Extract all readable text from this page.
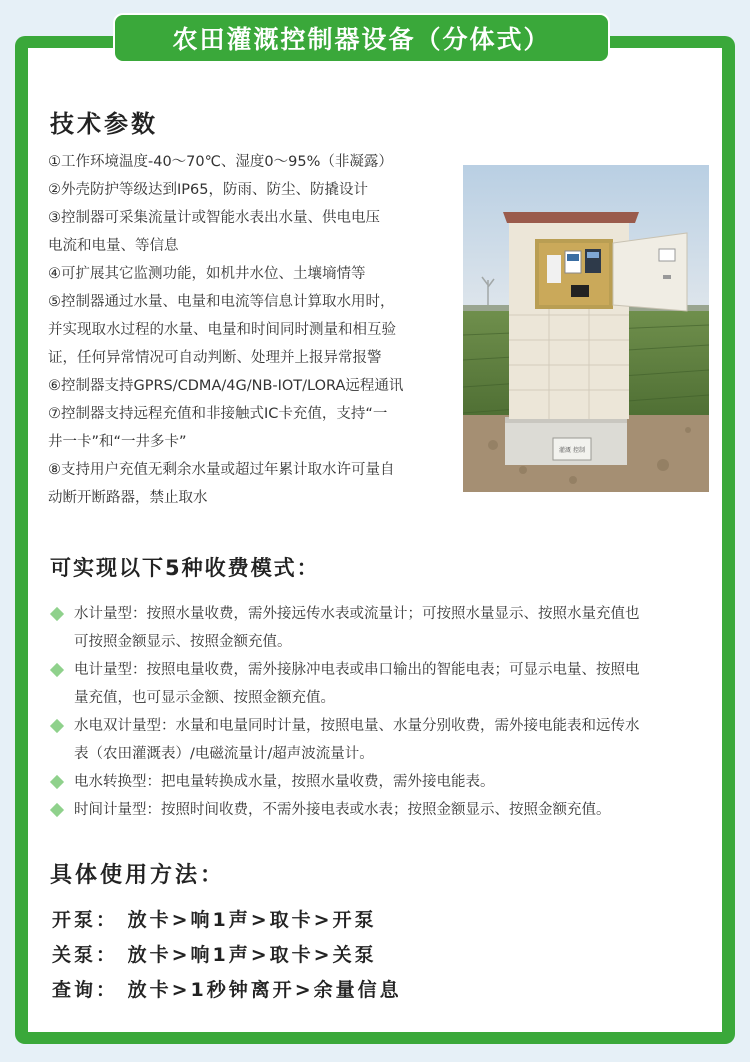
农田灌溉控制器设备（分体式）
技术参数
①工作环境温度-40～70℃、湿度0～95%（非凝露）
②外壳防护等级达到IP65，防雨、防尘、防撬设计
③控制器可采集流量计或智能水表出水量、供电电压
电流和电量、等信息
④可扩展其它监测功能，如机井水位、土壤墒情等
⑤控制器通过水量、电量和电流等信息计算取水用时，
并实现取水过程的水量、电量和时间同时测量和相互验
证，任何异常情况可自动判断、处理并上报异常报警
⑥控制器支持GPRS/CDMA/4G/NB-IOT/LORA远程通讯
⑦控制器支持远程充值和非接触式IC卡充值，支持“一
井一卡”和“一井多卡”
⑧支持用户充值无剩余水量或超过年累计取水许可量自
动断开断路器，禁止取水
灌溉 控制
可实现以下5种收费模式：
水计量型：按照水量收费，需外接远传水表或流量计；可按照水量显示、按照水量充值也
可按照金额显示、按照金额充值。
电计量型：按照电量收费，需外接脉冲电表或串口输出的智能电表；可显示电量、按照电
量充值，也可显示金额、按照金额充值。
水电双计量型：水量和电量同时计量，按照电量、水量分别收费，需外接电能表和远传水
表（农田灌溉表）/电磁流量计/超声波流量计。
电水转换型：把电量转换成水量，按照水量收费，需外接电能表。
时间计量型：按照时间收费，不需外接电表或水表；按照金额显示、按照金额充值。
具体使用方法：
开泵： 放卡>响1声>取卡>开泵
关泵： 放卡>响1声>取卡>关泵
查询： 放卡>1秒钟离开>余量信息
